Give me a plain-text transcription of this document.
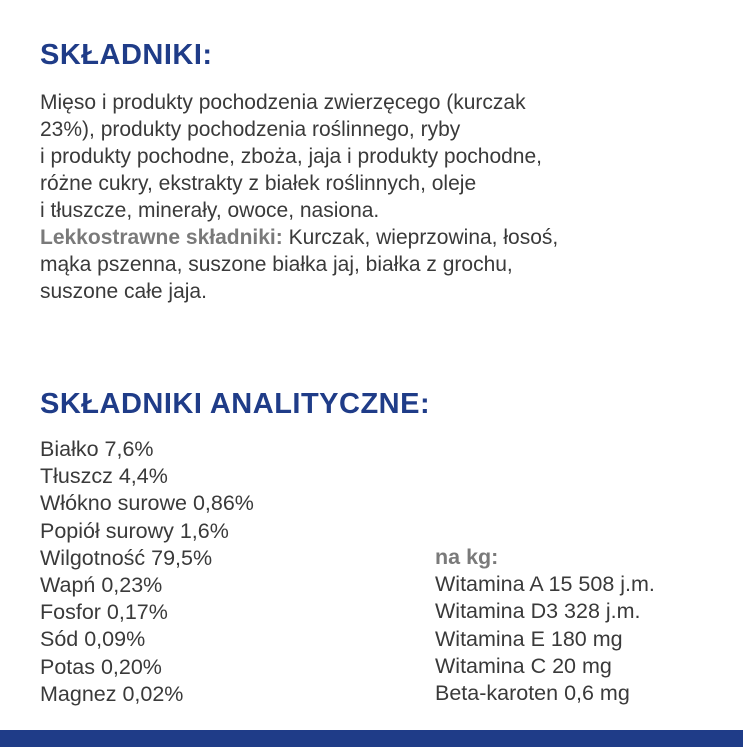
SKŁADNIKI:

Mięso i produkty pochodzenia zwierzęcego (kurczak
23%), produkty pochodzenia roślinnego, ryby
i produkty pochodne, zboża, jaja i produkty pochodne,
różne cukry, ekstrakty z białek roślinnych, oleje
i tłuszcze, minerały, owoce, nasiona.
Lekkostrawne składniki: Kurczak, wieprzowina, łosoś,
mąka pszenna, suszone białka jaj, białka z grochu,
suszone całe jaja.

SKŁADNIKI ANALITYCZNE:
Białko 7,6%
Tłuszcz 4,4%
Włókno surowe 0,86%
Popiół surowy 1,6%
Wilgotność 79,5%
Wapń 0,23%
Fosfor 0,17%
Sód 0,09%
Potas 0,20%
Magnez 0,02%
na kg:
Witamina A 15 508 j.m.
Witamina D3 328 j.m.
Witamina E 180 mg
Witamina C 20 mg
Beta-karoten 0,6 mg
